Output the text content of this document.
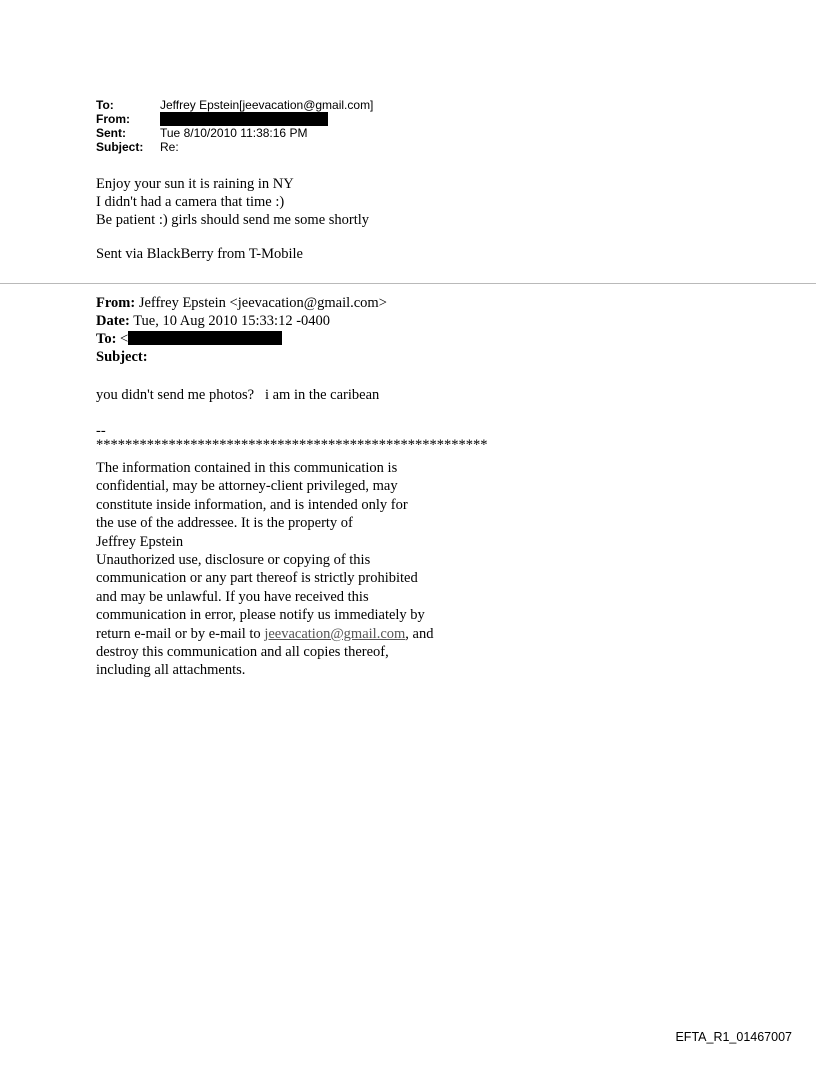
To:	Jeffrey Epstein[jeevacation@gmail.com]
From:	
Sent:	Tue 8/10/2010 11:38:16 PM
Subject:	Re:

Enjoy your sun it is raining in NY

I didn't had a camera that time :)

Be patient :) girls should send me some shortly

Sent via BlackBerry from T-Mobile
From: Jeffrey Epstein <jeevacation@gmail.com>
Date: Tue, 10 Aug 2010 15:33:12 -0400
To: <
Subject:
you didn't send me photos?   i am in the caribean
--
******************************************************
The information contained in this communication is
confidential, may be attorney-client privileged, may
constitute inside information, and is intended only for
the use of the addressee. It is the property of
Jeffrey Epstein
Unauthorized use, disclosure or copying of this
communication or any part thereof is strictly prohibited
and may be unlawful. If you have received this
communication in error, please notify us immediately by
return e-mail or by e-mail to jeevacation@gmail.com, and
destroy this communication and all copies thereof,
including all attachments.
EFTA_R1_01467007
